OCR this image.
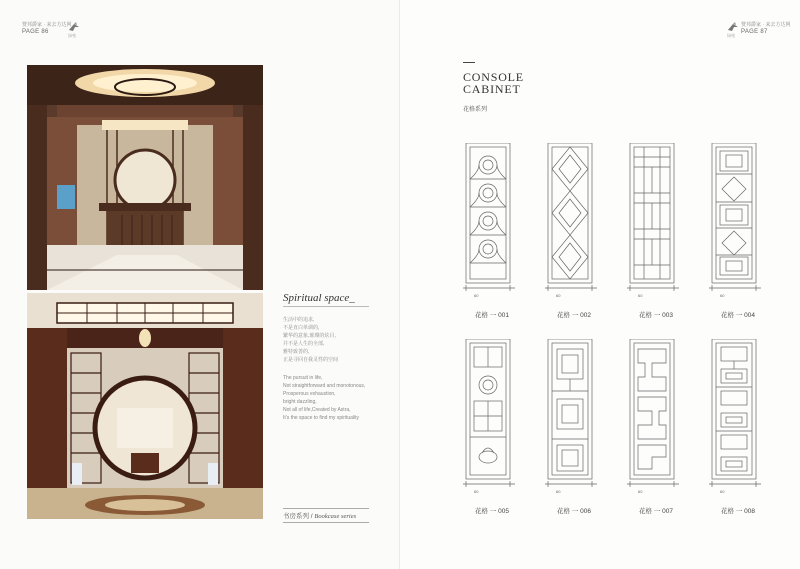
赞邦爵家 · 来去方达网
PAGE 86
绿苑
Spiritual space_
生活中的追求,
不是直白单调的,
繁华的意象,璀璨的炫目,
并不是人生的全部,
雅特致善的,
正是寻回自我灵性的空间
The pursuit in life,
Not straightforward and monotonous,
Prosperous exhaustion,
bright dazzling,
Not all of life,Created by Astra,
It’s the space to find my spirituality
书房系列 / Bookcase series
绿苑
赞邦爵家 · 来去方达网
PAGE 87
CONSOLE
CABINET
花格系列
60	60	60	60
花格 一 001	花格 一 002	花格 一 003	花格 一 004
60	60	60	60
花格 一 005	花格 一 006	花格 一 007	花格 一 008
